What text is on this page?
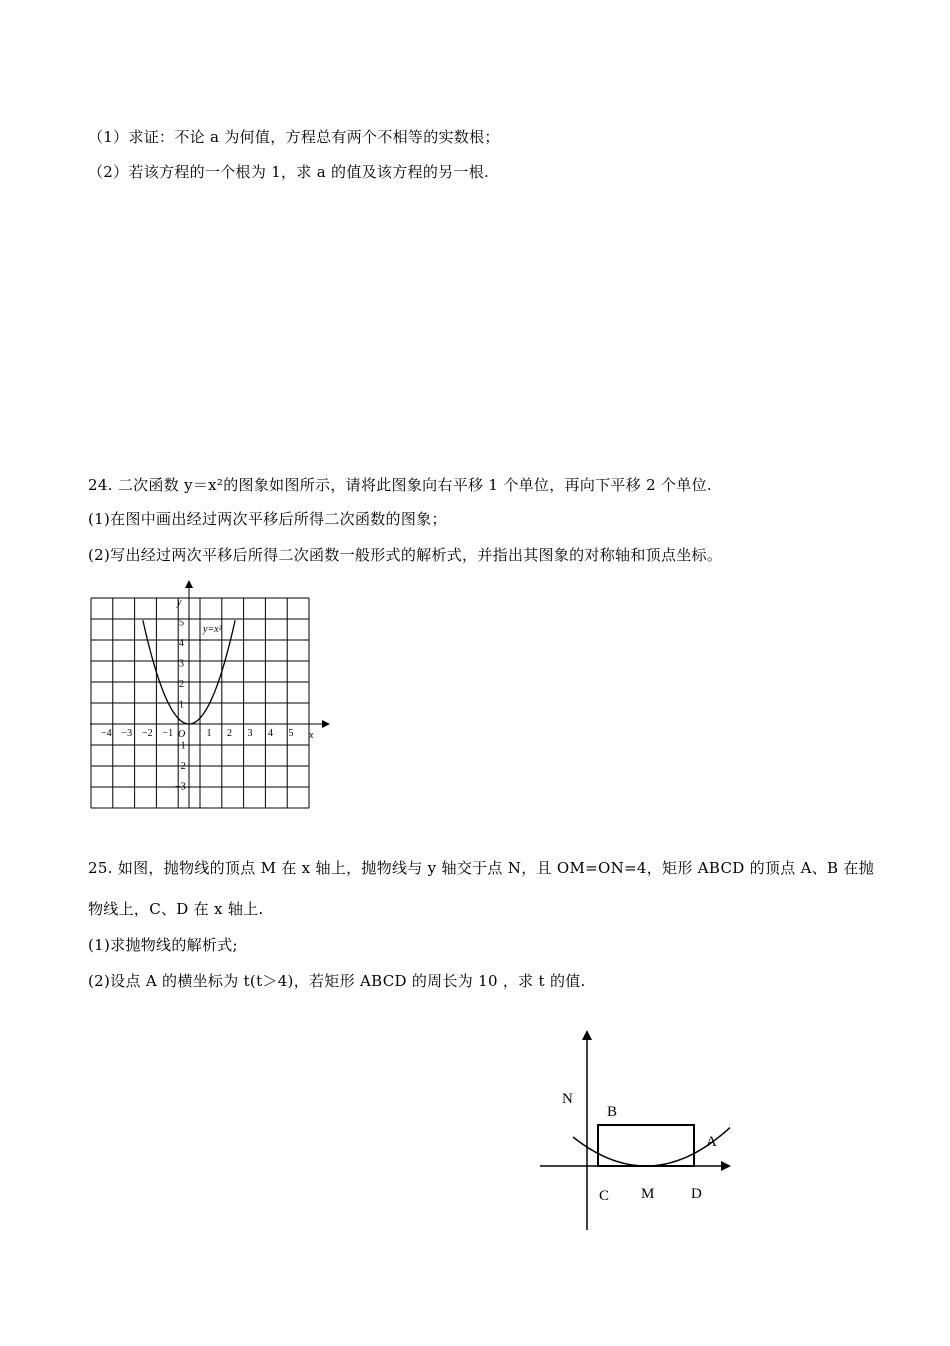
（1）求证：不论 a 为何值，方程总有两个不相等的实数根；
（2）若该方程的一个根为 1，求 a 的值及该方程的另一根.
24. 二次函数 y＝x²的图象如图所示，请将此图象向右平移 1 个单位，再向下平移 2 个单位.
(1)在图中画出经过两次平移后所得二次函数的图象；
(2)写出经过两次平移后所得二次函数一般形式的解析式，并指出其图象的对称轴和顶点坐标。
y
x
O
y=x²
−4 −3 −2 −1	1 2 3 4 5
5
4
3
2
1
−1
−2
−3
25. 如图，抛物线的顶点 M 在 x 轴上，抛物线与 y 轴交于点 N，且 OM=ON=4，矩形 ABCD 的顶点 A、B 在抛
物线上，C、D 在 x 轴上.
(1)求抛物线的解析式;
(2)设点 A 的横坐标为 t(t＞4)，若矩形 ABCD 的周长为 10 ，求 t 的值.
N
B
A
C M D
